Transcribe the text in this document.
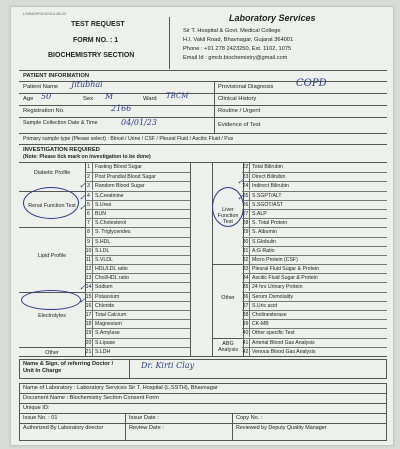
LS/BIO/F01/GSL/LIB-04
TEST REQUEST
FORM NO. : 1
BIOCHEMISTRY SECTION
Laboratory Services
Sir T. Hospital & Govt. Medical College
H.I. Vakil Road, Bhavnagar, Gujarat 364001
Phone : +91 278 2423250, Ext. 1102, 1075
Email Id : gmcb.biochemistry@gmail.com
PATIENT INFORMATION
Patient Name Jitubhai
Age 50	Sex M	Ward TBCM
Registration No.	2166
Sample Collection Date & Time	04/01/23
Provisional Diagnosis COPD
Clinical History
Routine / Urgent
Evidence of Test
Primary sample type (Please select) : Blood / Urine / CSF / Pleural Fluid / Ascitic Fluid / Pus
INVESTIGATION REQUIRED
(Note: Please tick mark on investigation to be done)
Diabetic Profile
Renal Function Test
Lipid Profile
Electrolytes
Other
1 Fasting Blood Sugar
2 Post Prandial Blood Sugar
3 Random Blood Sugar
4 S.Creatinine
5 S.Urea
6 BUN
7 S.Cholesterol
8 S. Triglycerides
9 S.HDL
10 S.LDL
11 S.VLDL
12 HDL/LDL ratio
13 Chol/HDL ratio
14 Sodium
15 Potassium
16 Chloride
17 Total Calcium
18 Magnesium
19 S.Amylase
20 S.Lipase
21 S.LDH
Liver Function Test
Other
ABG Analysis
22 Total Bilirubin
23 Direct Bilirubin
24 Indirect Bilirubin
25 S.SGPT/ALT
26 S.SGOT/AST
27 S.ALP
28 S. Total Protein
29 S. Albumin
30 S.Globulin
31 A:G Ratio
32 Micro Protein (CSF)
33 Pleural Fluid Sugar & Protein
34 Ascitic Fluid Sugar & Protein
35 24 hrs Urinary Protein
36 Serum Osmolality
37 S.Uric acid
38 Cholinesterase
39 CK-MB
40 Other specific Test
41 Arterial Blood Gas Analysis
42 Venous Blood Gas Analysis
✓
✓
✓
✓
✓
✓
✓
Name & Sign. of referring Doctor / Unit In Charge
Dr. Kirti Clay
Name of Laboratory : Laboratory Services Sir T. Hospital (L.SSTH), Bhavnagar
Document Name : Biochemistry Section Consent Form
Unique ID:
Issue No. : 01	Issue Date :	Copy No. :
Authorized By Laboratory director	Review Date :	Reviewed by Deputy Quality Manager
